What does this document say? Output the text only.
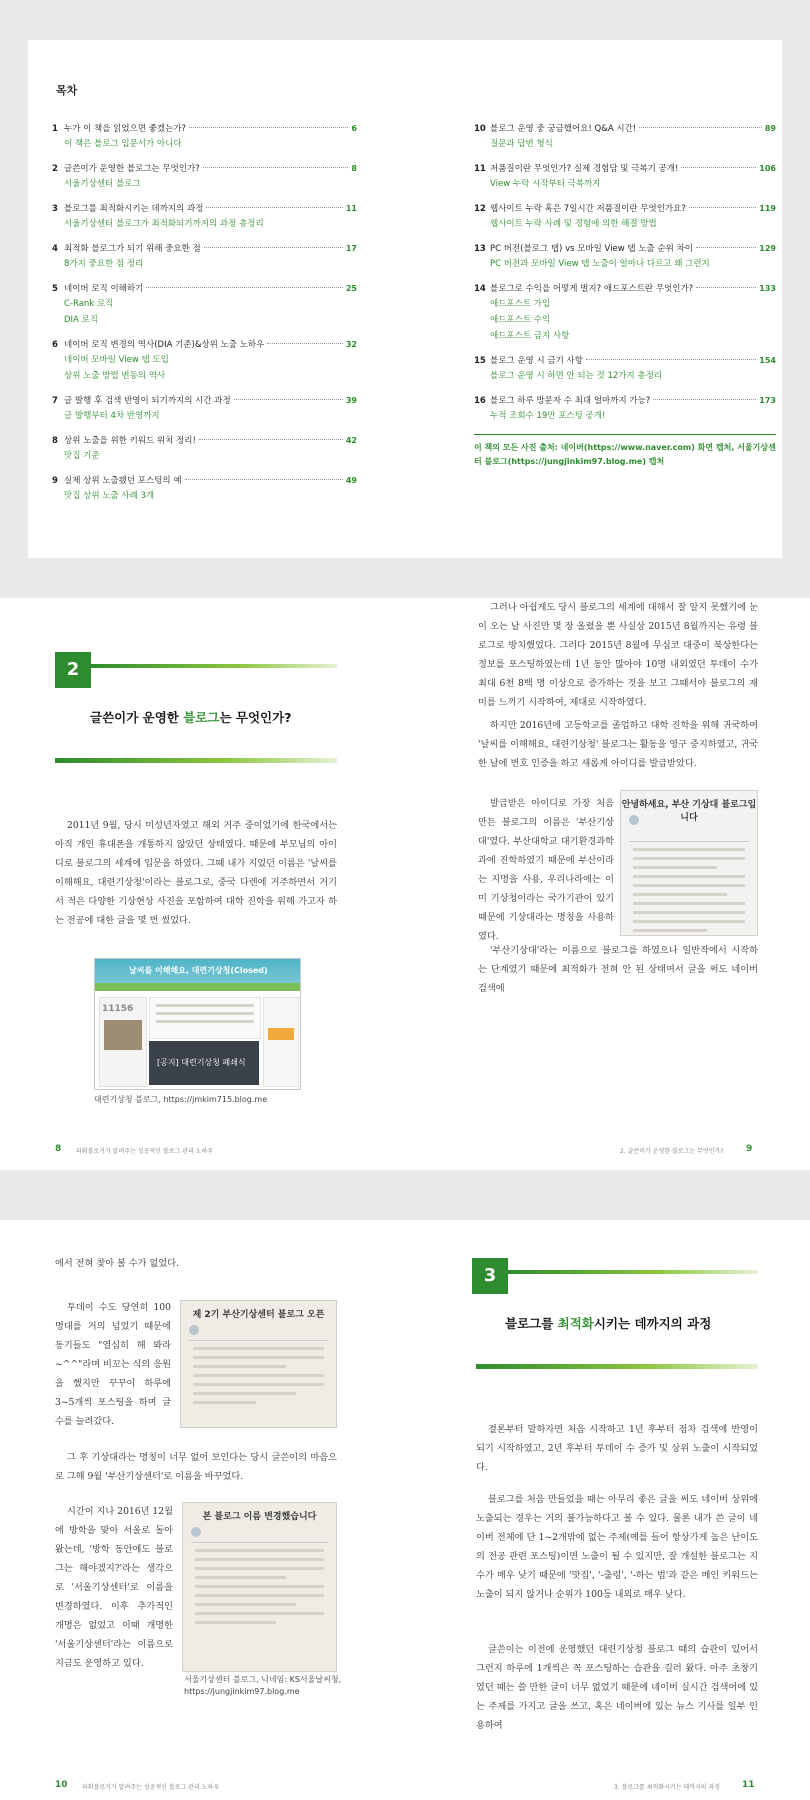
목차
1 누가 이 책을 읽었으면 좋겠는가?	6
이 책은 블로그 입문서가 아니다
2 글쓴이가 운영한 블로그는 무엇인가?	8
서울기상센터 블로그
3 블로그를 최적화시키는 데까지의 과정	11
서울기상센터 블로그가 최적화되기까지의 과정 총정리
4 최적화 블로그가 되기 위해 중요한 점	17
8가지 중요한 점 정리
5 네이버 로직 이해하기	25
C-Rank 로직
DIA 로직
6 네이버 로직 변경의 역사(DIA 기준)&상위 노출 노하우	32
네이버 모바일 View 탭 도입
상위 노출 방법 변동의 역사
7 글 발행 후 검색 반영이 되기까지의 시간 과정	39
글 발행부터 4차 반영까지
8 상위 노출을 위한 키워드 위치 정리!	42
맛집 기준
9 실제 상위 노출됐던 포스팅의 예	49
맛집 상위 노출 사례 3개
10 블로그 운영 중 궁금했어요! Q&A 시간!	89
질문과 답변 형식
11 저품질이란 무엇인가? 실제 경험담 및 극복기 공개!	106
View 누락 시작부터 극복까지
12 웹사이트 누락 혹은 7일시간 저품질이란 무엇인가요?	119
웹사이트 누락 사례 및 경험에 의한 해결 방법
13 PC 버전(블로그 탭) vs 모바일 View 탭 노출 순위 차이	129
PC 버전과 모바일 View 탭 노출이 얼마나 다르고 왜 그런지
14 블로그로 수익을 어떻게 벌지? 애드포스트란 무엇인가?	133
애드포스트 가입
애드포스트 수익
애드포스트 금지 사항
15 블로그 운영 시 금기 사항	154
블로그 운영 시 하면 안 되는 것 12가지 총정리
16 블로그 하루 방문자 수 최대 얼마까지 가능?	173
누적 조회수 19만 포스팅 공개!
이 책의 모든 사진 출처: 네이버(https://www.naver.com) 화면 캡처, 서울기상센터 블로그(https://jungjinkim97.blog.me) 캡처
2
글쓴이가 운영한 블로그는 무엇인가?
2011년 9월, 당시 미성년자였고 해외 거주 중이었기에 한국에서는 아직 개인 휴대폰을 개통하지 않았던 상태였다. 때문에 부모님의 아이디로 블로그의 세계에 입문을 하였다. 그때 내가 지었던 이름은 '날씨를 이해해요, 대련기상청'이라는 블로그로, 중국 다렌에 거주하면서 거기서 적은 다양한 기상현상 사진을 포함하여 대학 진학을 위해 가고자 하는 전공에 대한 글을 몇 번 썼었다.
날씨를 이해해요, 대련기상청(Closed)
11156
[공지] 대련기상청 폐쇄식
대련기상청 블로그, https://jmkim715.blog.me
8 파워블로거가 알려주는 성공적인 블로그 관리 노하우
그러나 아쉽게도 당시 블로그의 세계에 대해서 잘 알지 못했기에 눈이 오는 날 사진만 몇 장 올렸을 뿐 사실상 2015년 8월까지는 유령 블로그로 방치했었다. 그러다 2015년 8월에 무심코 대중이 북상한다는 정보를 포스팅하였는데 1년 동안 많아야 10명 내외였던 투데이 수가 최대 6천 8백 명 이상으로 증가하는 것을 보고 그때서야 블로그의 재미를 느끼기 시작하여, 제대로 시작하였다.
하지만 2016년에 고등학교를 졸업하고 대학 진학을 위해 귀국하여 '날씨를 이해해요, 대련기상청' 블로그는 활동을 영구 중지하였고, 귀국한 날에 번호 인증을 하고 새롭게 아이디를 발급받았다.
발급받은 아이디로 가장 처음 만든 블로그의 이름은 '부산기상대'였다. 부산대학교 대기환경과학과에 진학하였기 때문에 부산이라는 지명을 사용, 우리나라에는 이미 기상청이라는 국가기관이 있기 때문에 기상대라는 명칭을 사용하였다.
안녕하세요, 부산 기상대 블로그입니다
'부산기상대'라는 이름으로 블로그를 하였으나 일반작에서 시작하는 단계였기 때문에 최적화가 전혀 안 된 상태여서 글을 써도 네이버 검색에
2. 글쓴이가 운영한 블로그는 무엇인가?	9
에서 전혀 찾아 볼 수가 없었다.
투데이 수도 당연히 100명대를 거의 넘었기 때문에 동기들도 "열심히 해 봐라~^^"라며 비꼬는 식의 응원을 했지만 꾸꾸이 하루에 3~5개씩 포스팅을 하며 글 수를 늘려갔다.
제 2기 부산기상센터 블로그 오픈
그 후 기상대라는 명칭이 너무 없어 보인다는 당시 글쓴이의 마음으로 그해 9월 '부산기상센터'로 이름을 바꾸었다.
시간이 지나 2016년 12월에 방학을 맞아 서울로 돌아왔는데, '방학 동안에도 블로그는 해야겠지?'라는 생각으로 '서울기상센터'로 이름을 변경하였다. 이후 추가적인 개명은 없었고 이때 개명한 '서울기상센터'라는 이름으로 지금도 운영하고 있다.
본 블로그 이름 변경했습니다
서울기상센터 블로그, 닉네임: KS서울날씨청,
https://jungjinkim97.blog.me
10 파워블로거가 알려주는 성공적인 블로그 관리 노하우
3
블로그를 최적화시키는 데까지의 과정
결론부터 말하자면 처음 시작하고 1년 후부터 점차 검색에 반영이 되기 시작하였고, 2년 후부터 투데이 수 증가 및 상위 노출이 시작되었다.
블로그를 처음 만들었을 때는 아무리 좋은 글을 써도 네이버 상위에 노출되는 경우는 거의 불가능하다고 볼 수 있다. 물론 내가 쓴 글이 네이버 전체에 단 1~2개밖에 없는 주제(예를 들어 항상가게 높은 난이도의 전공 관련 포스팅)이면 노출이 될 수 있지만, 잘 개설한 블로그는 지수가 매우 낮기 때문에 '맛집', '-출렁', '-하는 법'과 같은 메인 키워드는 노출이 되지 않거나 순위가 100등 내외로 매우 낮다.
글쓴이는 이전에 운영했던 대련기상청 블로그 때의 습관이 있어서 그런지 하루에 1개씩은 꼭 포스팅하는 습관을 길러 왔다. 아주 초창기였던 때는 쓸 만한 글이 너무 없었기 때문에 네이버 실시간 검색어에 있는 주제를 가지고 글을 쓰고, 혹은 네이버에 있는 뉴스 기사를 일부 인용하여
3. 블로그를 최적화시키는 데까지의 과정 11
